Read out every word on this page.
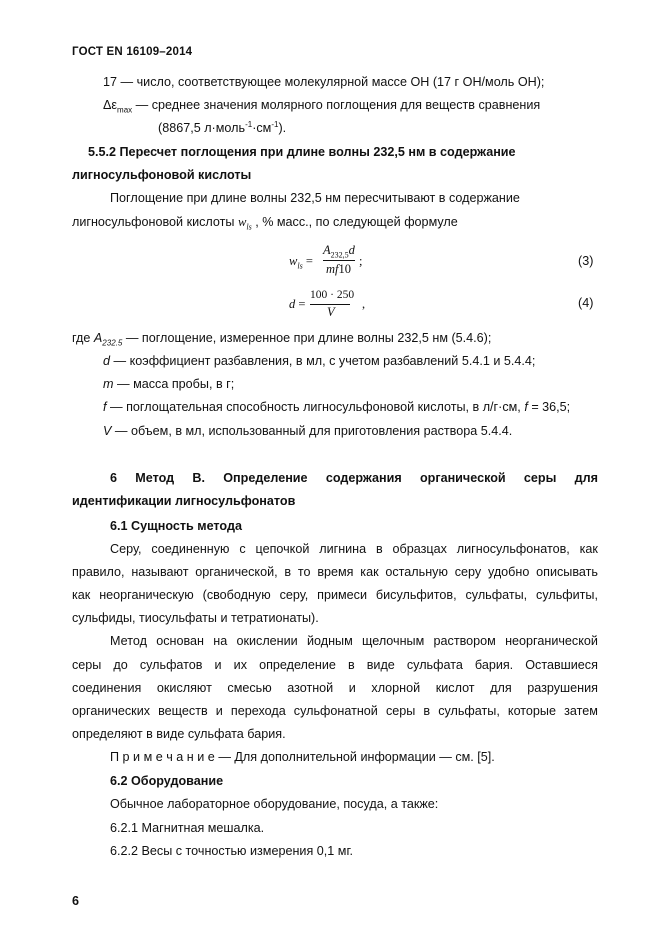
ГОСТ EN 16109–2014
17 — число, соответствующее молекулярной массе ОН (17 г ОН/моль ОН);
$\Delta\varepsilon_{max}$ — среднее значения молярного поглощения для веществ сравнения
(8867,5 $л\cdot моль^{-1}\cdot см^{-1}$).
5.5.2 Пересчет поглощения при длине волны 232,5 нм в содержание
лигносульфоновой кислоты
Поглощение при длине волны 232,5 нм пересчитывают в содержание
лигносульфоновой кислоты $w_{ls}$ , % масс., по следующей формуле
$w_{ls}$ =
$A_{232,5}d$
mf10
;	(3)
d =
100 · 250
V
,	(4)
где $A_{232.5}$ — поглощение, измеренное при длине волны 232,5 нм (5.4.6);
d — коэффициент разбавления, в мл, с учетом разбавлений 5.4.1 и 5.4.4;
m — масса пробы, в г;
f — поглощательная способность лигносульфоновой кислоты, в л/г·см, f = 36,5;
V — объем, в мл, использованный для приготовления раствора 5.4.4.
6 Метод B. Определение содержания органической серы для
идентификации лигносульфонатов
6.1 Сущность метода
Серу, соединенную с цепочкой лигнина в образцах лигносульфонатов, как
правило, называют органической, в то время как остальную серу удобно описывать
как неорганическую (свободную серу, примеси бисульфитов, сульфаты, сульфиты,
сульфиды, тиосульфаты и тетратионаты).
Метод основан на окислении йодным щелочным раствором неорганической
серы до сульфатов и их определение в виде сульфата бария. Оставшиеся
соединения окисляют смесью азотной и хлорной кислот для разрушения
органических веществ и перехода сульфонатной серы в сульфаты, которые затем
определяют в виде сульфата бария.
П р и м е ч а н и е — Для дополнительной информации — см. [5].
6.2 Оборудование
Обычное лабораторное оборудование, посуда, а также:
6.2.1 Магнитная мешалка.
6.2.2 Весы с точностью измерения 0,1 мг.
6
